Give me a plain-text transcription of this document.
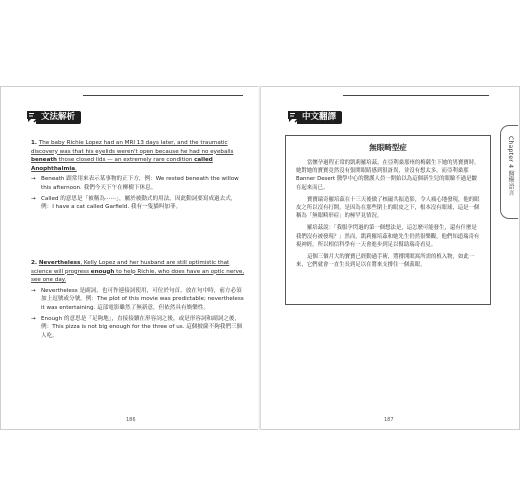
文法解析

1. The baby Richie Lopez had an MRI 13 days later, and the traumatic discovery was that his eyelids weren't open because he had no eyeballs beneath those closed lids — an extremely rare condition called Anophthalmia.

→ Beneath 跟常用來表示某事物的正下方，例：We rested beneath the willow this afternoon. 我們今天下午在柳樹下休息。

→ Called 的意思是「被稱為⋯⋯」，屬於被動式的用法，因此動詞要寫成過去式，例：I have a cat called Garfield. 我有一隻貓叫加菲。

2. Nevertheless, Kelly Lopez and her husband are still optimistic that science will progress enough to help Richie, who does have an optic nerve, see one day.

→ Nevertheless 是副詞，也可作連接詞使用，可位於句首，放在句中時，前方必須加上逗號或分號，例：The plot of this movie was predictable; nevertheless it was entertaining. 這部電影雖然了無新意，但依然具有娛樂性。

→ Enough 的意思是「足夠地」，直接接續在形容詞之後，或是形容詞和副詞之後，例：This pizza is not big enough for the three of us. 這個披薩不夠我們三個人吃。

186
中文翻譯
無眼畸型症

當懷孕過程正常的凱莉羅培茲，在亞利桑那州的梅薩生下她的男寶寶時，她對她的寶寶竟然沒有張開眼睛感到很訝異，並沒有想太多，而亞利桑那 Banner Desert 醫學中心的醫護人員一開始以為這個新生兒的眼瞼不過是皺在起來而已。

寶寶瑞奇羅培茲在十三天後做了核磁共振造影，令人痛心地發現，他的眼皮之所以沒有打開，是因為在那些閉上的眼皮之下，根本沒有眼球，這是一個稱為「無眼畸形症」的極罕見情況。

羅培茲說：「我服孕閃過的第一個想法是，這怎麼可能發生，還有什麼是我們沒有被發現？」然而，凱莉羅培茲和她先生仍然很樂觀，他們知道瑞奇有視神經，所以相信科學有一天會進步到足以幫助瑞奇看見。

這個三個月大的寶寶已經動過手術，將撐開眼窩所需的植入物，如此一來，它們就會一直生長到足以在將來支撐住一個義眼。

Chapter 4 醫療語言
187
